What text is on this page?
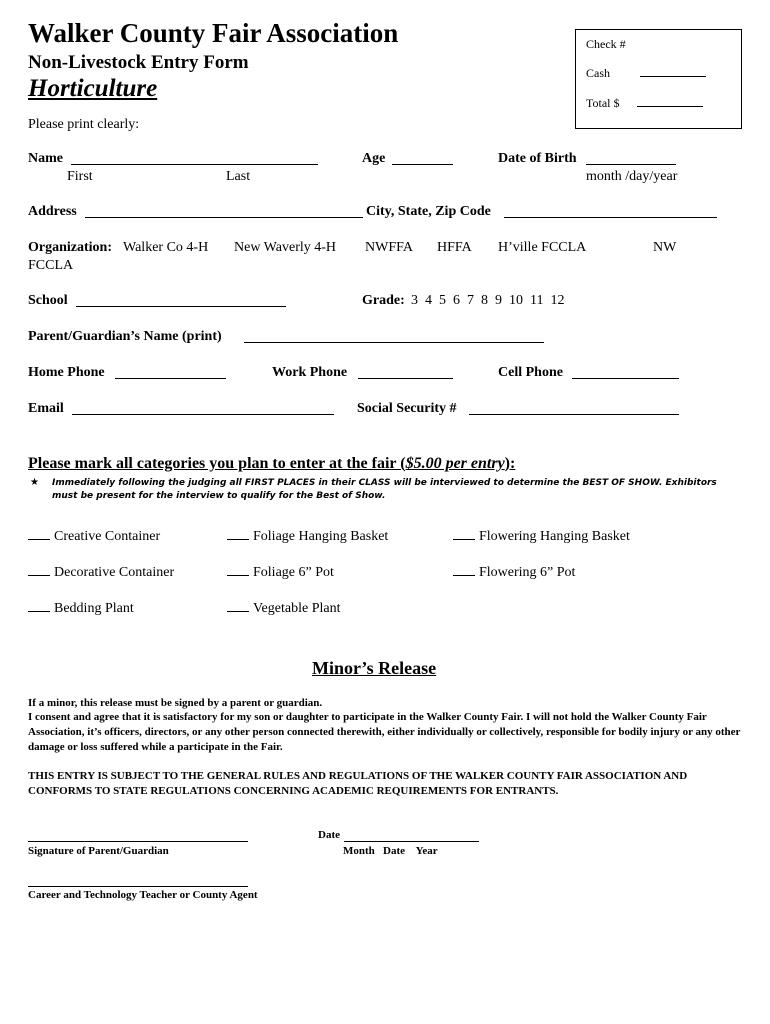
Walker County Fair Association
Non-Livestock Entry Form
Horticulture
Please print clearly:
Check #
Cash
Total $
Name
First	Last
Age	Date of Birth
month /day/year
Address	City, State, Zip Code
Organization: Walker Co 4-H New Waverly 4-H NWFFA HFFA H’ville FCCLA	NW
FCCLA
School	Grade: 3  4  5  6  7  8  9  10  11  12
Parent/Guardian’s Name (print)
Home Phone	Work Phone	Cell Phone
Email	Social Security #
Please mark all categories you plan to enter at the fair ($5.00 per entry):
★ Immediately following the judging all FIRST PLACES in their CLASS will be interviewed to determine the BEST OF SHOW. Exhibitors must be present for the interview to qualify for the Best of Show.
Creative Container	Foliage Hanging Basket	Flowering Hanging Basket
Decorative Container	Foliage 6” Pot	Flowering 6” Pot
Bedding Plant	Vegetable Plant
Minor’s Release
If a minor, this release must be signed by a parent or guardian.
I consent and agree that it is satisfactory for my son or daughter to participate in the Walker County Fair. I will not hold the Walker County Fair Association, it’s officers, directors, or any other person connected therewith, either individually or collectively, responsible for bodily injury or any other damage or loss suffered while a participate in the Fair.
THIS ENTRY IS SUBJECT TO THE GENERAL RULES AND REGULATIONS OF THE WALKER COUNTY FAIR ASSOCIATION AND CONFORMS TO STATE REGULATIONS CONCERNING ACADEMIC REQUIREMENTS FOR ENTRANTS.
Signature of Parent/Guardian
Date
Month   Date    Year
Career and Technology Teacher or County Agent
